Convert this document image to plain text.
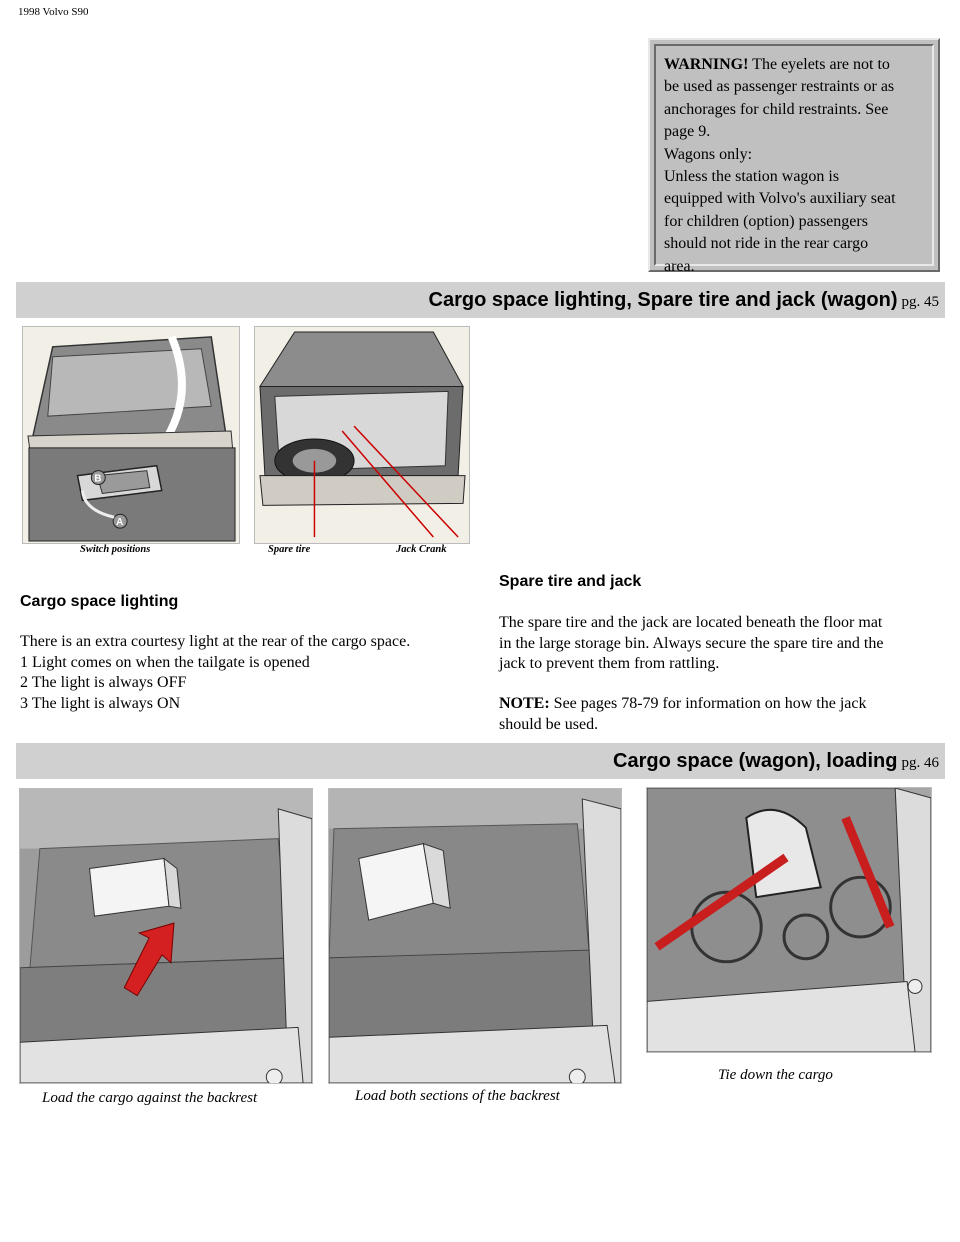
1998 Volvo S90
WARNING! The eyelets are not to
be used as passenger restraints or as
anchorages for child restraints. See
page 9.
Wagons only:
Unless the station wagon is
equipped with Volvo's auxiliary seat
for children (option) passengers
should not ride in the rear cargo
area.
Cargo space lighting, Spare tire and jack (wagon) pg. 45
B
A
Switch positions	Spare tire	Jack Crank
Cargo space lighting
There is an extra courtesy light at the rear of the cargo space.
1 Light comes on when the tailgate is opened
2 The light is always OFF
3 The light is always ON
Spare tire and jack
The spare tire and the jack are located beneath the floor mat
in the large storage bin. Always secure the spare tire and the
jack to prevent them from rattling.
NOTE: See pages 78-79 for information on how the jack
should be used.
Cargo space (wagon), loading pg. 46
Load the cargo against the backrest	Load both sections of the backrest
Tie down the cargo
